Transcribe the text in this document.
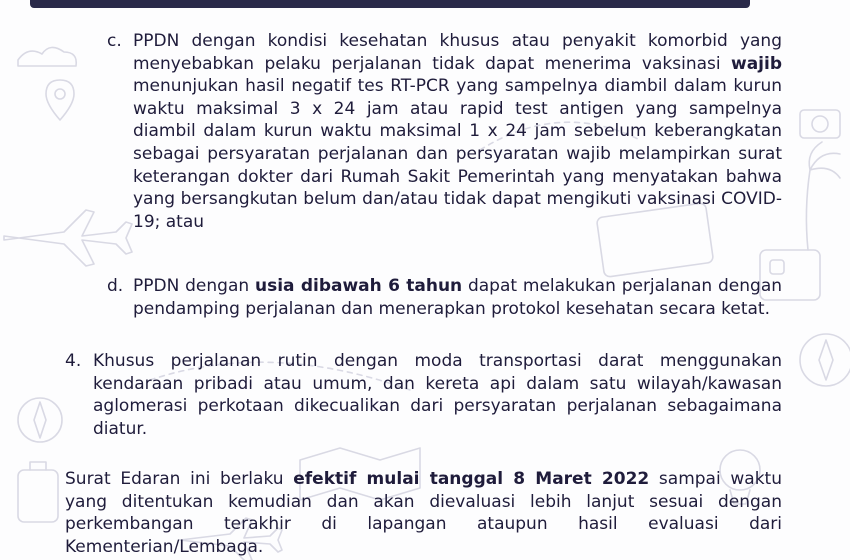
c. PPDN dengan kondisi kesehatan khusus atau penyakit komorbid yang menyebabkan pelaku perjalanan tidak dapat menerima vaksinasi wajib menunjukan hasil negatif tes RT-PCR yang sampelnya diambil dalam kurun waktu maksimal 3 x 24 jam atau rapid test antigen yang sampelnya diambil dalam kurun waktu maksimal 1 x 24 jam sebelum keberangkatan sebagai persyaratan perjalanan dan persyaratan wajib melampirkan surat keterangan dokter dari Rumah Sakit Pemerintah yang menyatakan bahwa yang bersangkutan belum dan/atau tidak dapat mengikuti vaksinasi COVID-19; atau
d. PPDN dengan usia dibawah 6 tahun dapat melakukan perjalanan dengan pendamping perjalanan dan menerapkan protokol kesehatan secara ketat.
4. Khusus perjalanan rutin dengan moda transportasi darat menggunakan kendaraan pribadi atau umum, dan kereta api dalam satu wilayah/kawasan aglomerasi perkotaan dikecualikan dari persyaratan perjalanan sebagaimana diatur.
Surat Edaran ini berlaku efektif mulai tanggal 8 Maret 2022 sampai waktu yang ditentukan kemudian dan akan dievaluasi lebih lanjut sesuai dengan perkembangan terakhir di lapangan ataupun hasil evaluasi dari Kementerian/Lembaga.
